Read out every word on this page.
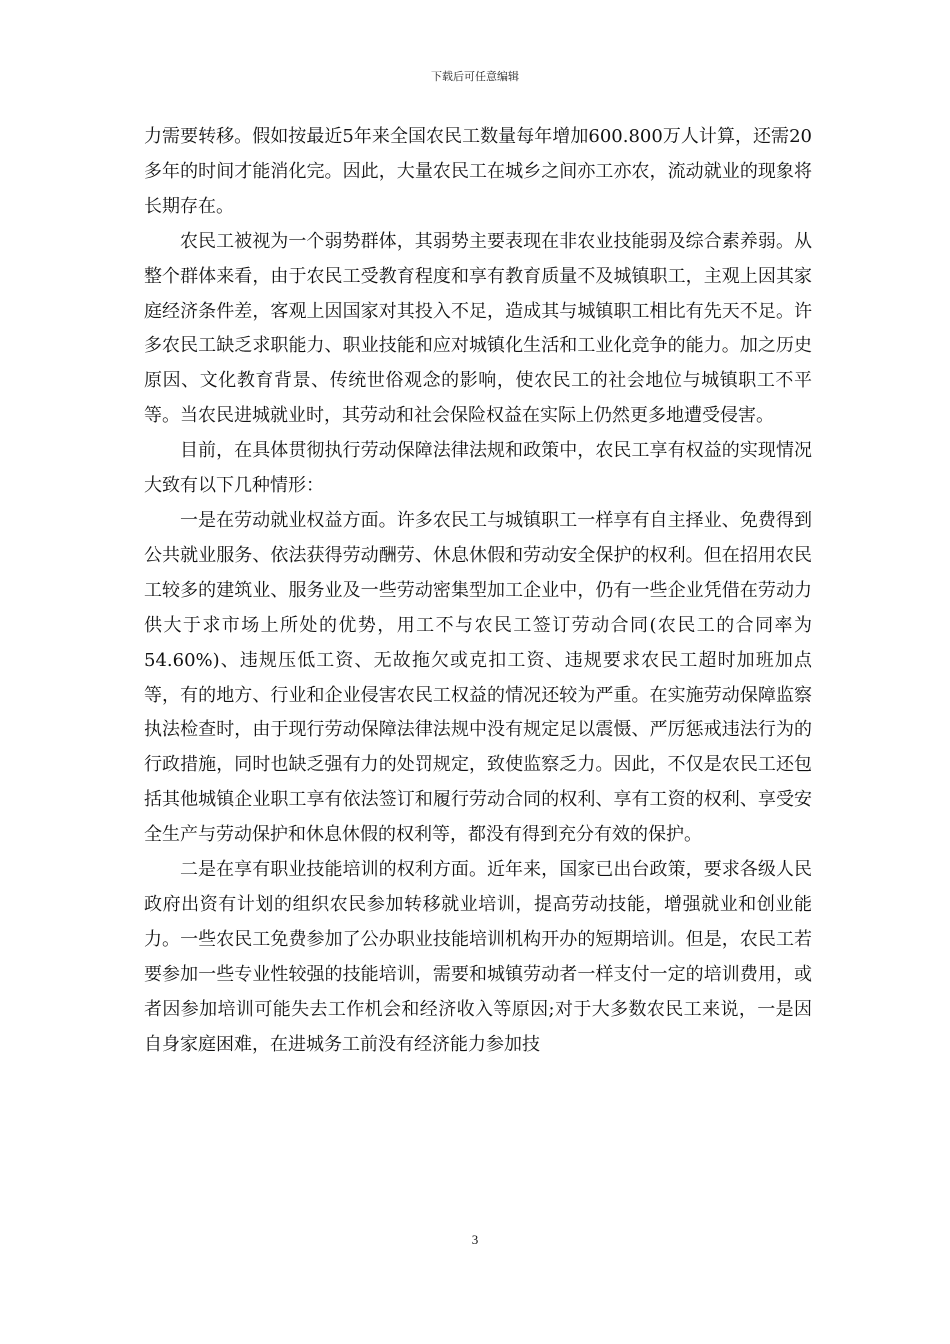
下载后可任意编辑

力需要转移。假如按最近5年来全国农民工数量每年增加600.800万人计算，还需20多年的时间才能消化完。因此，大量农民工在城乡之间亦工亦农，流动就业的现象将长期存在。

农民工被视为一个弱势群体，其弱势主要表现在非农业技能弱及综合素养弱。从整个群体来看，由于农民工受教育程度和享有教育质量不及城镇职工，主观上因其家庭经济条件差，客观上因国家对其投入不足，造成其与城镇职工相比有先天不足。许多农民工缺乏求职能力、职业技能和应对城镇化生活和工业化竞争的能力。加之历史原因、文化教育背景、传统世俗观念的影响，使农民工的社会地位与城镇职工不平等。当农民进城就业时，其劳动和社会保险权益在实际上仍然更多地遭受侵害。

目前，在具体贯彻执行劳动保障法律法规和政策中，农民工享有权益的实现情况大致有以下几种情形：

一是在劳动就业权益方面。许多农民工与城镇职工一样享有自主择业、免费得到公共就业服务、依法获得劳动酬劳、休息休假和劳动安全保护的权利。但在招用农民工较多的建筑业、服务业及一些劳动密集型加工企业中，仍有一些企业凭借在劳动力供大于求市场上所处的优势，用工不与农民工签订劳动合同(农民工的合同率为54.60%)、违规压低工资、无故拖欠或克扣工资、违规要求农民工超时加班加点等，有的地方、行业和企业侵害农民工权益的情况还较为严重。在实施劳动保障监察执法检查时，由于现行劳动保障法律法规中没有规定足以震慑、严厉惩戒违法行为的行政措施，同时也缺乏强有力的处罚规定，致使监察乏力。因此，不仅是农民工还包括其他城镇企业职工享有依法签订和履行劳动合同的权利、享有工资的权利、享受安全生产与劳动保护和休息休假的权利等，都没有得到充分有效的保护。

二是在享有职业技能培训的权利方面。近年来，国家已出台政策，要求各级人民政府出资有计划的组织农民参加转移就业培训，提高劳动技能，增强就业和创业能力。一些农民工免费参加了公办职业技能培训机构开办的短期培训。但是，农民工若要参加一些专业性较强的技能培训，需要和城镇劳动者一样支付一定的培训费用，或者因参加培训可能失去工作机会和经济收入等原因;对于大多数农民工来说，一是因自身家庭困难，在进城务工前没有经济能力参加技

3
